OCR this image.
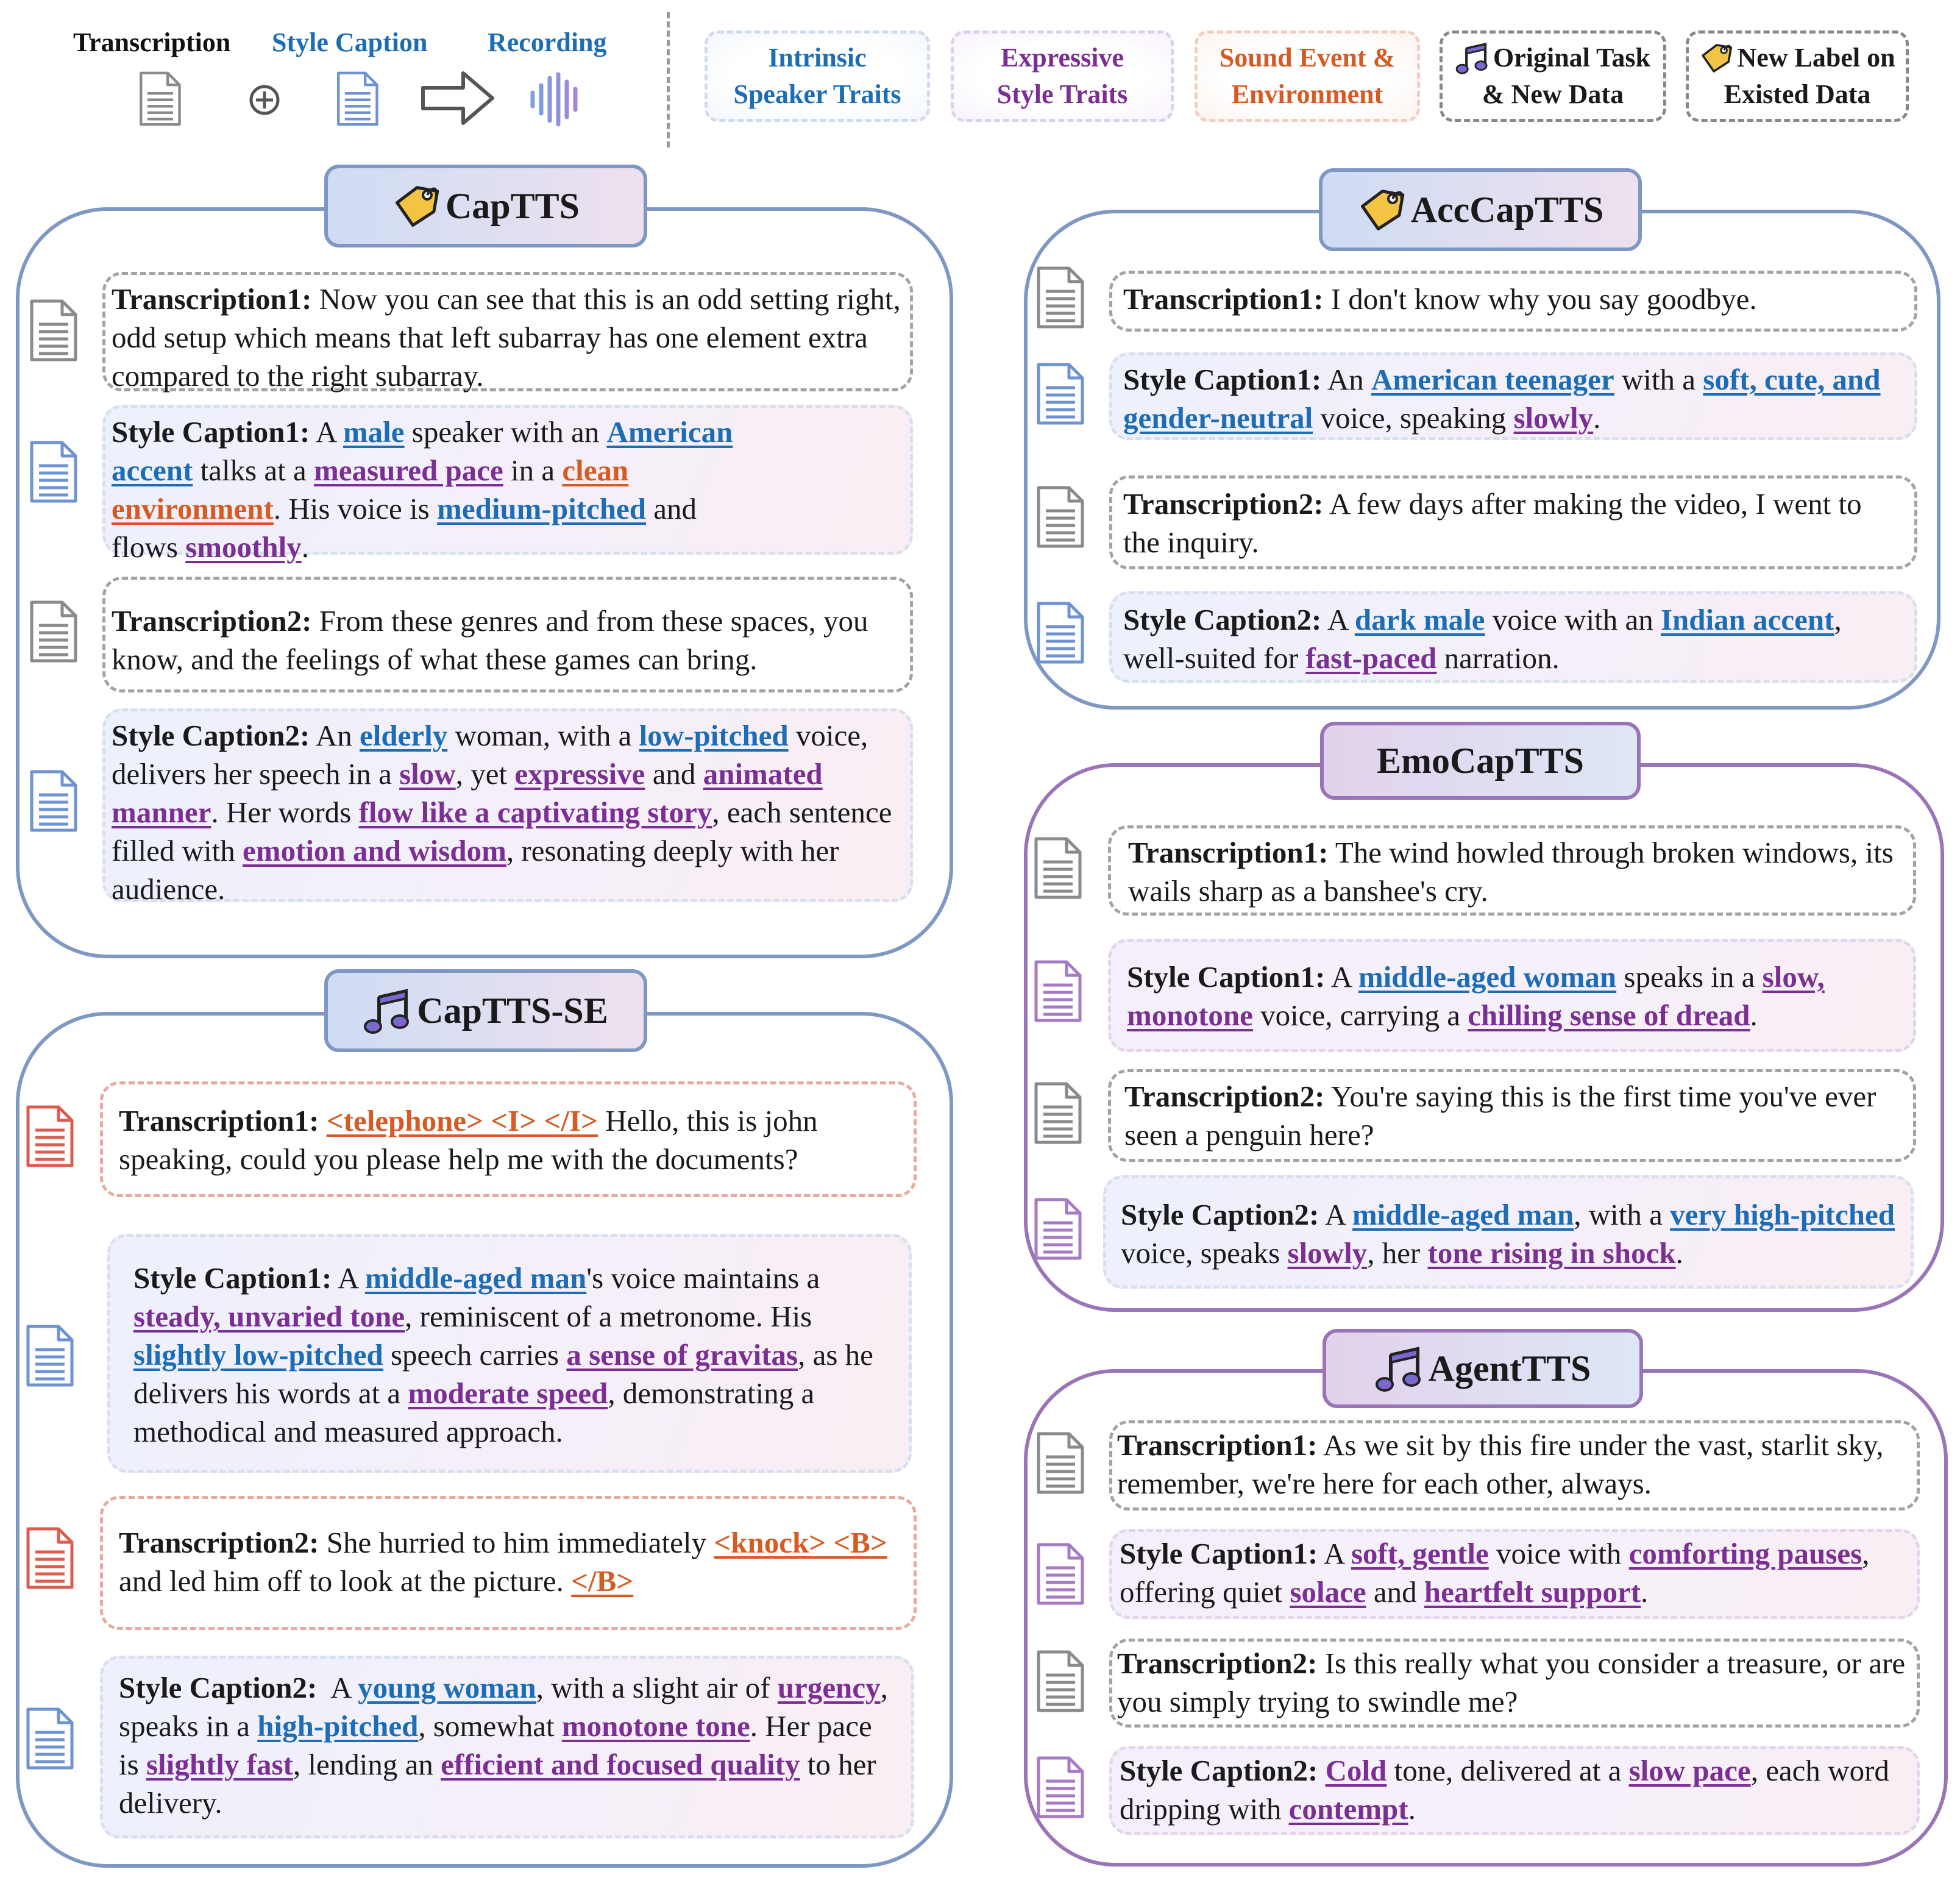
Transcription Style Caption Recording
Intrinsic
Speaker Traits
Expressive
Style Traits
Sound Event &
Environment
Original Task
& New Data
New Label on
Existed Data
CapTTS
Transcription1: Now you can see that this is an odd setting right, odd setup which means that left subarray has one element extra compared to the right subarray.
Style Caption1: A male speaker with an American accent talks at a measured pace in a clean environment. His voice is medium-pitched and flows smoothly.
Transcription2: From these genres and from these spaces, you know, and the feelings of what these games can bring.
Style Caption2: An elderly woman, with a low-pitched voice, delivers her speech in a slow, yet expressive and animated manner. Her words flow like a captivating story, each sentence filled with emotion and wisdom, resonating deeply with her audience.
CapTTS-SE
Transcription1: <telephone> <I> </I> Hello, this is john speaking, could you please help me with the documents?
Style Caption1: A middle-aged man's voice maintains a steady, unvaried tone, reminiscent of a metronome. His slightly low-pitched speech carries a sense of gravitas, as he delivers his words at a moderate speed, demonstrating a methodical and measured approach.
Transcription2: She hurried to him immediately <knock> <B> and led him off to look at the picture. </B>
Style Caption2: A young woman, with a slight air of urgency, speaks in a high-pitched, somewhat monotone tone. Her pace is slightly fast, lending an efficient and focused quality to her delivery.
AccCapTTS
Transcription1: I don't know why you say goodbye.
Style Caption1: An American teenager with a soft, cute, and gender-neutral voice, speaking slowly.
Transcription2: A few days after making the video, I went to the inquiry.
Style Caption2: A dark male voice with an Indian accent, well-suited for fast-paced narration.
EmoCapTTS
Transcription1: The wind howled through broken windows, its wails sharp as a banshee's cry.
Style Caption1: A middle-aged woman speaks in a slow, monotone voice, carrying a chilling sense of dread.
Transcription2: You're saying this is the first time you've ever seen a penguin here?
Style Caption2: A middle-aged man, with a very high-pitched voice, speaks slowly, her tone rising in shock.
AgentTTS
Transcription1: As we sit by this fire under the vast, starlit sky, remember, we're here for each other, always.
Style Caption1: A soft, gentle voice with comforting pauses, offering quiet solace and heartfelt support.
Transcription2: Is this really what you consider a treasure, or are you simply trying to swindle me?
Style Caption2: Cold tone, delivered at a slow pace, each word dripping with contempt.
